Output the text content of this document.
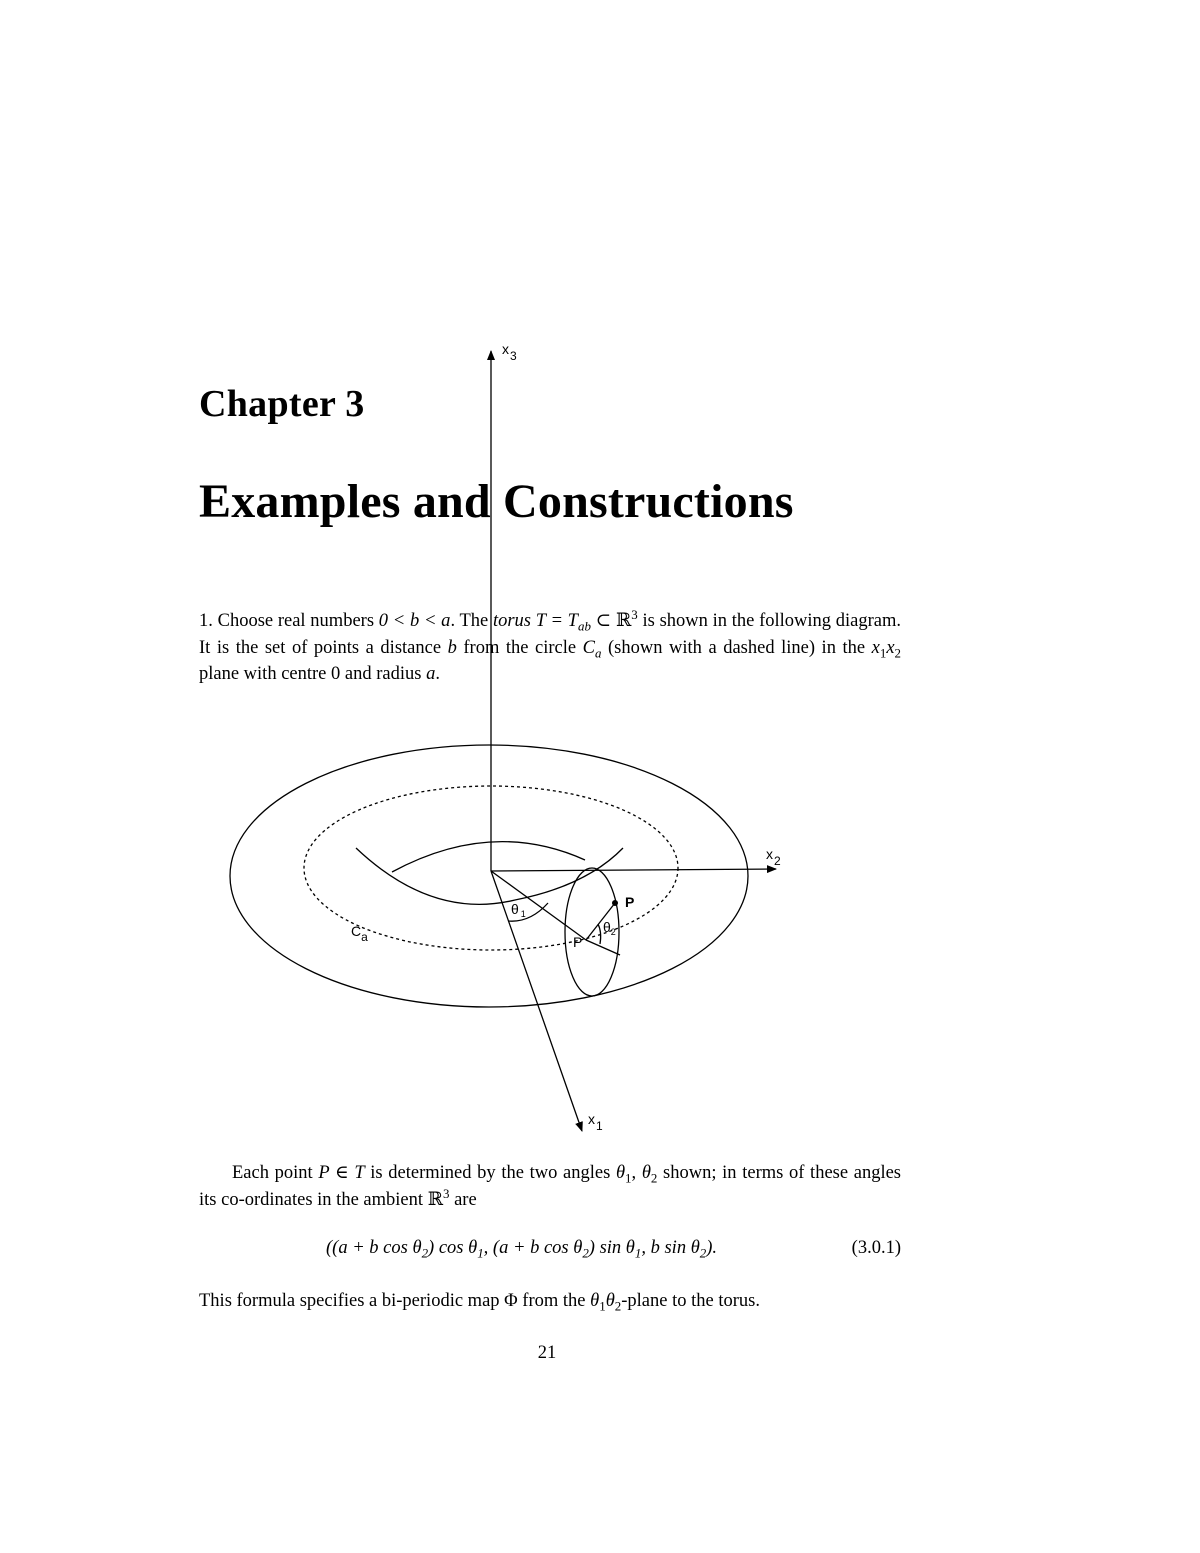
Chapter 3
Examples and Constructions
1. Choose real numbers 0 < b < a. The torus $T = T_{ab}$ ⊂ ℝ$^3$ is shown in the following diagram. It is the set of points a distance b from the circle $C_a$ (shown with a dashed line) in the $x_1x_2$ plane with centre 0 and radius a.
x3
x2
x1
Ca
θ $_1$
$\theta_2$
P
P
Each point P ∈ T is determined by the two angles $\theta_1$, $\theta_2$ shown; in terms of these angles its co-ordinates in the ambient ℝ$^3$ are
((a + b $\cos \theta_2$) $\cos \theta_1$, (a + b $\cos \theta_2$) $\sin \theta_1$, b $\sin \theta_2$).	(3.0.1)
This formula specifies a bi-periodic map Φ from the $\theta_1\theta_2$-plane to the torus.
21
